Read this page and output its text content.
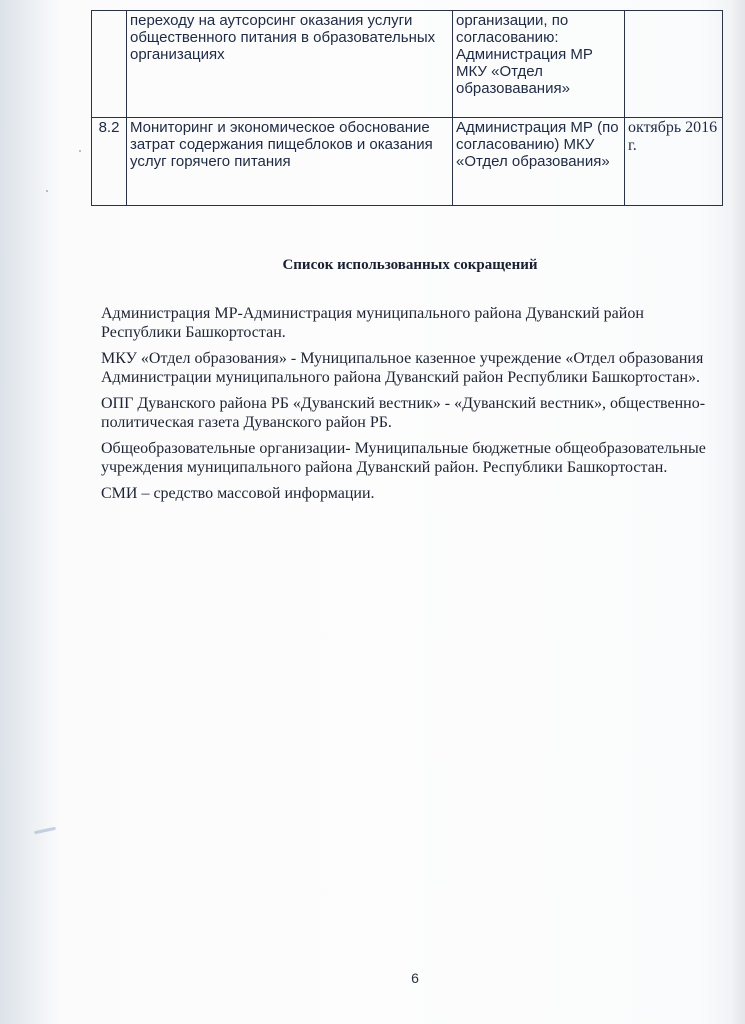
	переходу на аутсорсинг оказания услуги общественного питания в образовательных организациях	организации, по согласованию: Администрация МР МКУ «Отдел образовавания»	
8.2	Мониторинг и экономическое обоснование затрат содержания пищеблоков и оказания услуг горячего питания	Администрация МР (по согласованию) МКУ «Отдел образования»	октябрь 2016 г.
Список использованных сокращений

Администрация МР-Администрация муниципального района Дуванский район Республики Башкортостан.

МКУ «Отдел образования» - Муниципальное казенное учреждение «Отдел образования Администрации муниципального района Дуванский район Республики Башкортостан».

ОПГ Дуванского района РБ «Дуванский вестник» - «Дуванский вестник», общественно-политическая газета Дуванского район РБ.

Общеобразовательные организации- Муниципальные бюджетные общеобразовательные учреждения муниципального района Дуванский район. Республики Башкортостан.

СМИ – средство массовой информации.

6
